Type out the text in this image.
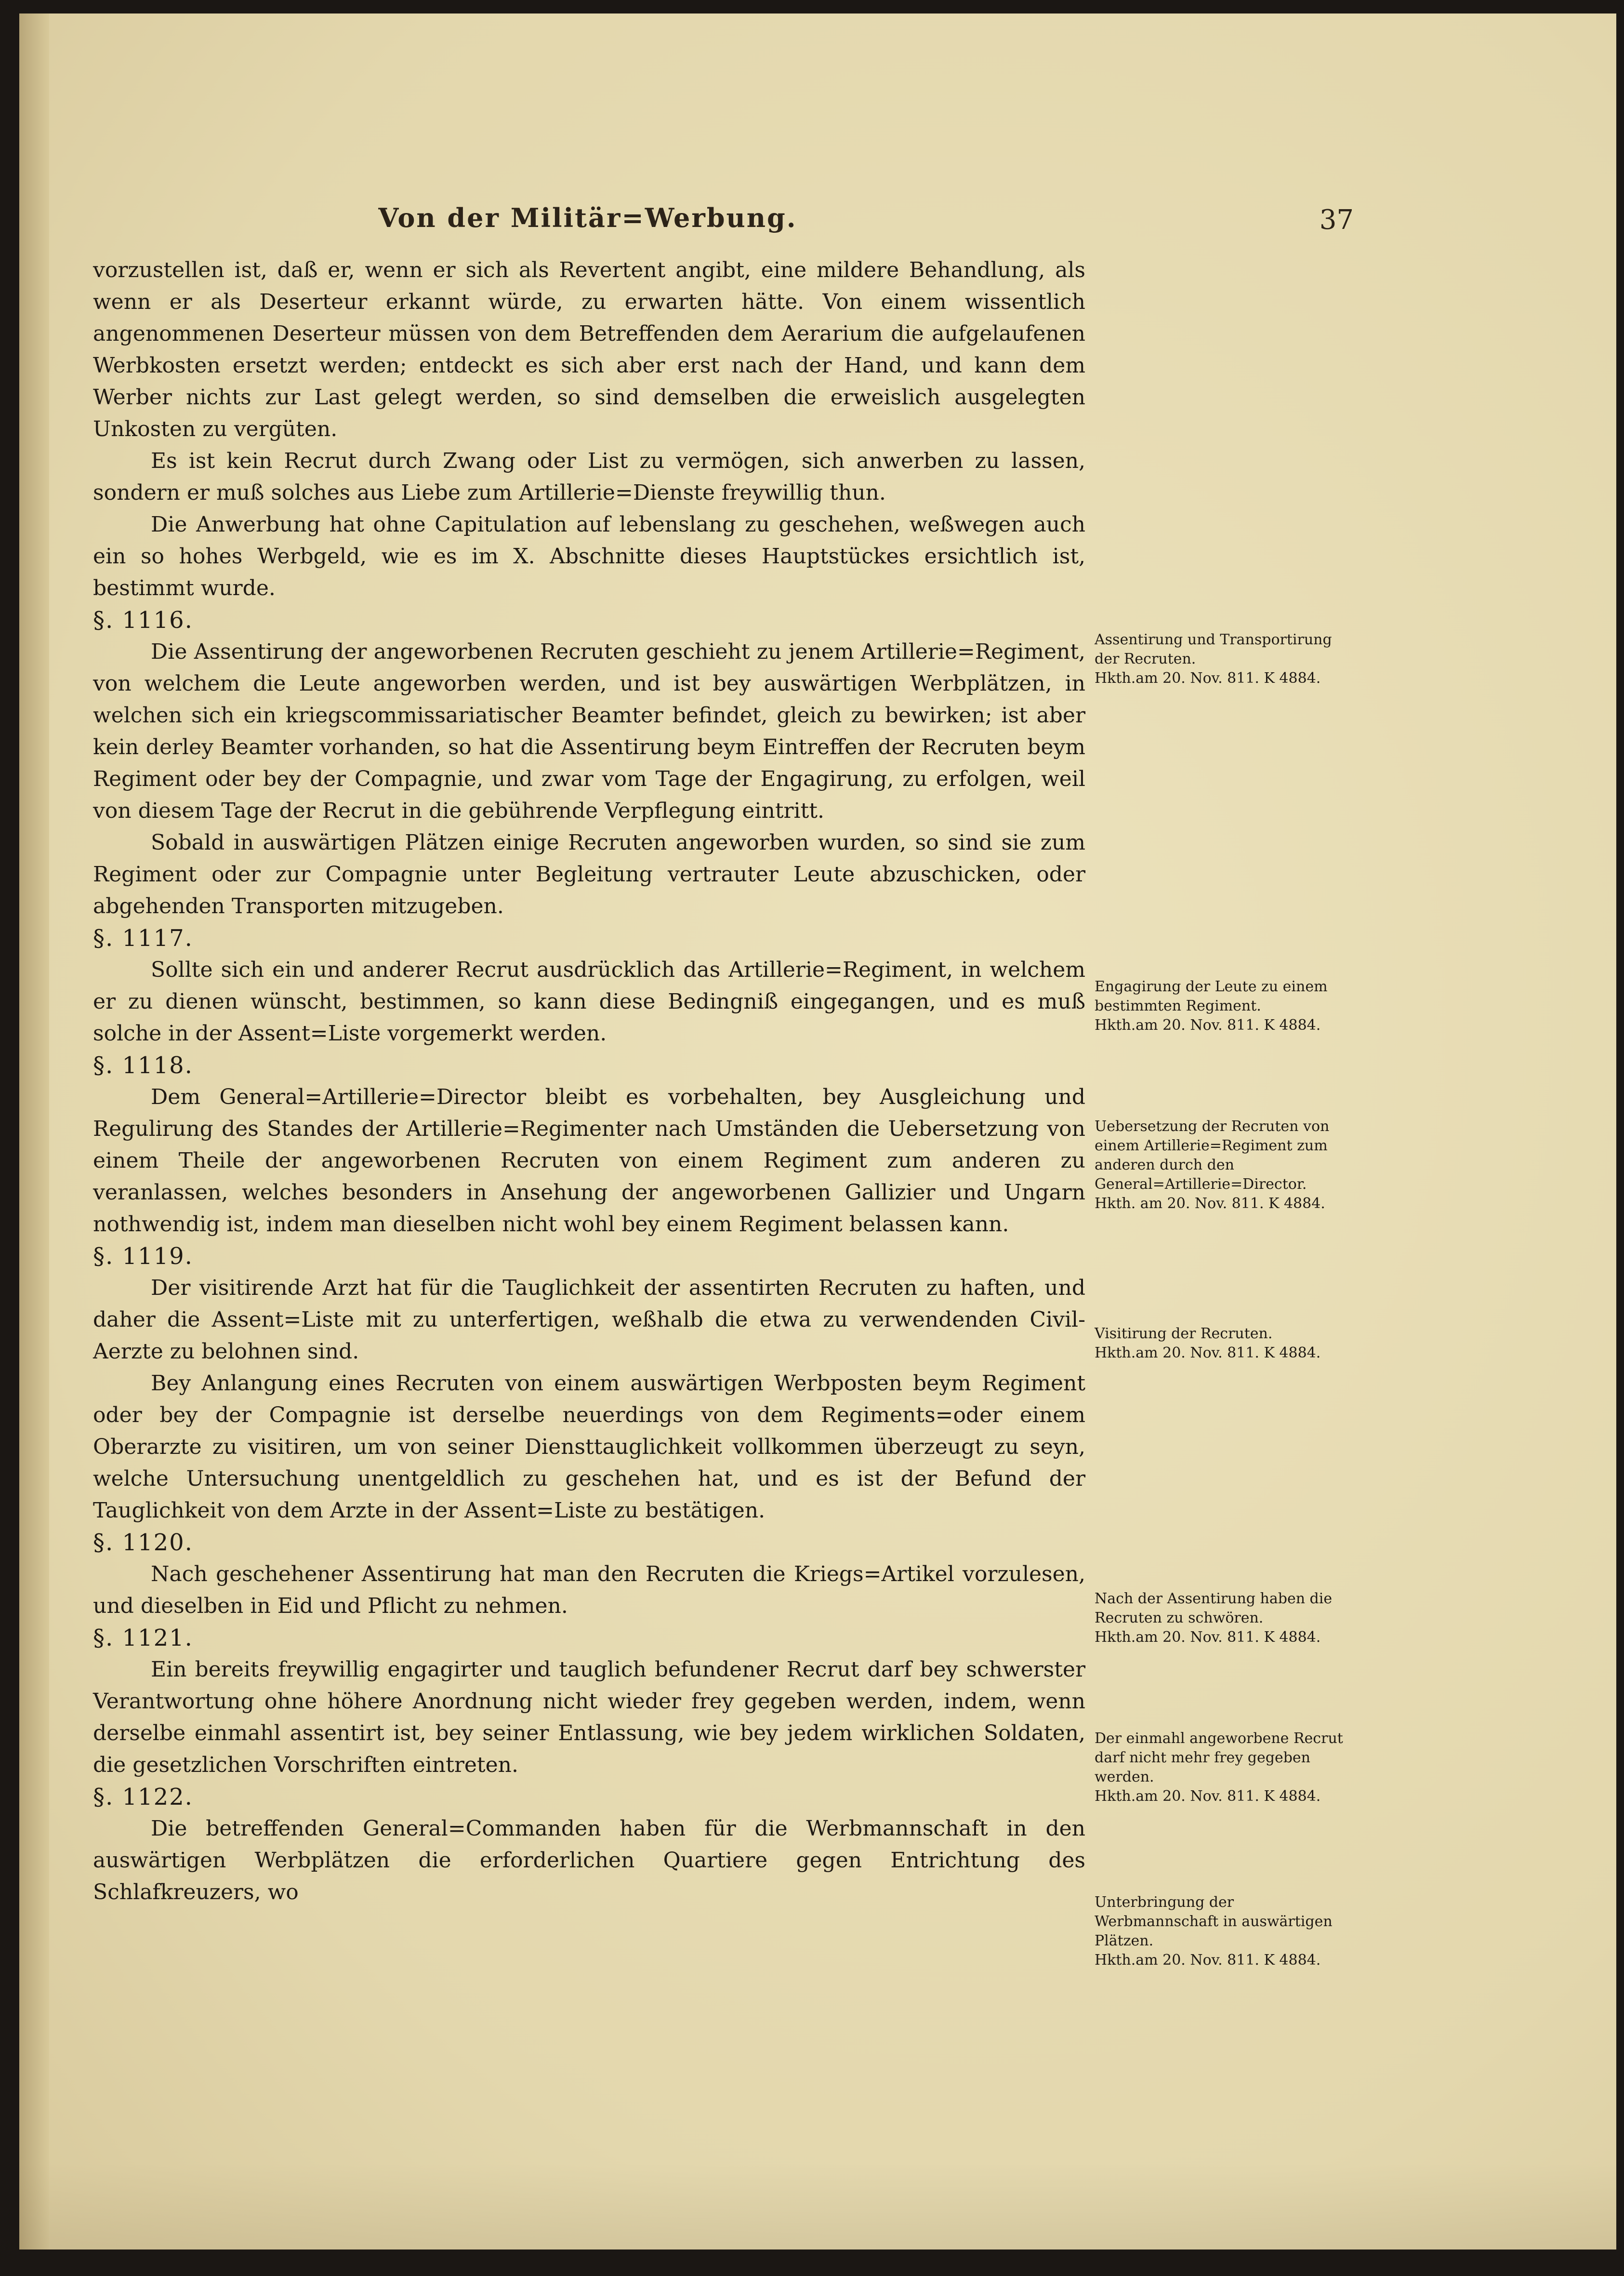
Von der Militär=Werbung.	37

vorzustellen ist, daß er, wenn er sich als Revertent angibt, eine mildere Behandlung, als wenn er als Deserteur erkannt würde, zu erwarten hätte. Von einem wissentlich angenommenen Deserteur müssen von dem Betreffenden dem Aerarium die aufgelaufenen Werbkosten ersetzt werden; entdeckt es sich aber erst nach der Hand, und kann dem Werber nichts zur Last gelegt werden, so sind demselben die erweislich ausgelegten Unkosten zu vergüten.

Es ist kein Recrut durch Zwang oder List zu vermögen, sich anwerben zu lassen, sondern er muß solches aus Liebe zum Artillerie=Dienste freywillig thun.

Die Anwerbung hat ohne Capitulation auf lebenslang zu geschehen, weßwegen auch ein so hohes Werbgeld, wie es im X. Abschnitte dieses Hauptstückes ersichtlich ist, bestimmt wurde.

§. 1116.

Die Assentirung der angeworbenen Recruten geschieht zu jenem Artillerie=Regiment, von welchem die Leute angeworben werden, und ist bey auswärtigen Werbplätzen, in welchen sich ein kriegscommissariatischer Beamter befindet, gleich zu bewirken; ist aber kein derley Beamter vorhanden, so hat die Assentirung beym Eintreffen der Recruten beym Regiment oder bey der Compagnie, und zwar vom Tage der Engagirung, zu erfolgen, weil von diesem Tage der Recrut in die gebührende Verpflegung eintritt.

Sobald in auswärtigen Plätzen einige Recruten angeworben wurden, so sind sie zum Regiment oder zur Compagnie unter Begleitung vertrauter Leute abzuschicken, oder abgehenden Transporten mitzugeben.

§. 1117.

Sollte sich ein und anderer Recrut ausdrücklich das Artillerie=Regiment, in welchem er zu dienen wünscht, bestimmen, so kann diese Bedingniß eingegangen, und es muß solche in der Assent=Liste vorgemerkt werden.

§. 1118.

Dem General=Artillerie=Director bleibt es vorbehalten, bey Ausgleichung und Regulirung des Standes der Artillerie=Regimenter nach Umständen die Uebersetzung von einem Theile der angeworbenen Recruten von einem Regiment zum anderen zu veranlassen, welches besonders in Ansehung der angeworbenen Gallizier und Ungarn nothwendig ist, indem man dieselben nicht wohl bey einem Regiment belassen kann.

§. 1119.

Der visitirende Arzt hat für die Tauglichkeit der assentirten Recruten zu haften, und daher die Assent=Liste mit zu unterfertigen, weßhalb die etwa zu verwendenden Civil-Aerzte zu belohnen sind.

Bey Anlangung eines Recruten von einem auswärtigen Werbposten beym Regiment oder bey der Compagnie ist derselbe neuerdings von dem Regiments=oder einem Oberarzte zu visitiren, um von seiner Diensttauglichkeit vollkommen überzeugt zu seyn, welche Untersuchung unentgeldlich zu geschehen hat, und es ist der Befund der Tauglichkeit von dem Arzte in der Assent=Liste zu bestätigen.

§. 1120.

Nach geschehener Assentirung hat man den Recruten die Kriegs=Artikel vorzulesen, und dieselben in Eid und Pflicht zu nehmen.

§. 1121.

Ein bereits freywillig engagirter und tauglich befundener Recrut darf bey schwerster Verantwortung ohne höhere Anordnung nicht wieder frey gegeben werden, indem, wenn derselbe einmahl assentirt ist, bey seiner Entlassung, wie bey jedem wirklichen Soldaten, die gesetzlichen Vorschriften eintreten.

§. 1122.

Die betreffenden General=Commanden haben für die Werbmannschaft in den auswärtigen Werbplätzen die erforderlichen Quartiere gegen Entrichtung des Schlafkreuzers, wo

Assentirung und Transportirung der Recruten.
Hkth.am 20. Nov. 811. K 4884.
Engagirung der Leute zu einem bestimmten Regiment.
Hkth.am 20. Nov. 811. K 4884.
Uebersetzung der Recruten von einem Artillerie=Regiment zum anderen durch den General=Artillerie=Director.
Hkth. am 20. Nov. 811. K 4884.
Visitirung der Recruten.
Hkth.am 20. Nov. 811. K 4884.
Nach der Assentirung haben die Recruten zu schwören.
Hkth.am 20. Nov. 811. K 4884.
Der einmahl angeworbene Recrut darf nicht mehr frey gegeben werden.
Hkth.am 20. Nov. 811. K 4884.
Unterbringung der Werbmannschaft in auswärtigen Plätzen.
Hkth.am 20. Nov. 811. K 4884.
